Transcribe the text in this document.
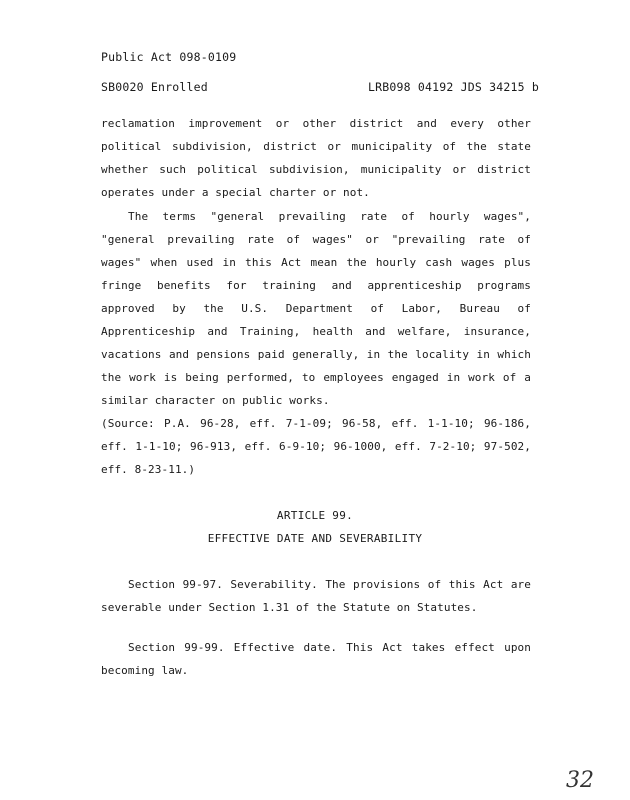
Public Act 098-0109
SB0020 Enrolled	LRB098 04192 JDS 34215 b
reclamation improvement or other district and every other
political subdivision, district or municipality of the state
whether such political subdivision, municipality or district
operates under a special charter or not.
The terms "general prevailing rate of hourly wages",
"general prevailing rate of wages" or "prevailing rate of
wages" when used in this Act mean the hourly cash wages plus
fringe benefits for training and apprenticeship programs
approved by the U.S. Department of Labor, Bureau of
Apprenticeship and Training, health and welfare, insurance,
vacations and pensions paid generally, in the locality in which
the work is being performed, to employees engaged in work of a
similar character on public works.
(Source: P.A. 96-28, eff. 7-1-09; 96-58, eff. 1-1-10; 96-186,
eff. 1-1-10; 96-913, eff. 6-9-10; 96-1000, eff. 7-2-10; 97-502,
eff. 8-23-11.)
ARTICLE 99.
EFFECTIVE DATE AND SEVERABILITY
Section 99-97. Severability. The provisions of this Act are
severable under Section 1.31 of the Statute on Statutes.
Section 99-99. Effective date. This Act takes effect upon
becoming law.
32
